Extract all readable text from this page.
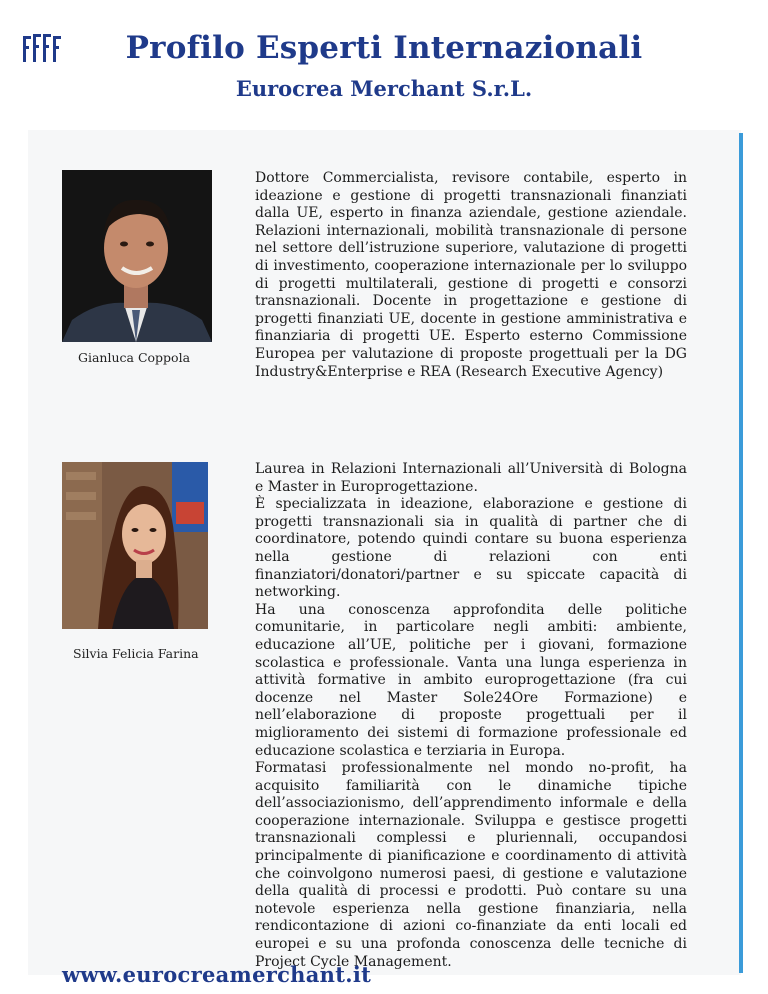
Profilo Esperti Internazionali
Eurocrea Merchant S.r.L.
Gianluca Coppola

Dottore Commercialista, revisore contabile, esperto in ideazione e gestione di progetti transnazionali finanziati dalla UE, esperto in finanza aziendale, gestione aziendale. Relazioni internazionali, mobilità transnazionale di persone nel settore dell’istruzione superiore, valutazione di progetti di investimento, cooperazione internazionale per lo sviluppo di progetti multilaterali, gestione di progetti e consorzi transnazionali. Docente in progettazione e gestione di progetti finanziati UE, docente in gestione amministrativa e finanziaria di progetti UE. Esperto esterno Commissione Europea per valutazione di proposte progettuali per la DG Industry&Enterprise e REA (Research Executive Agency)

Silvia Felicia Farina

Laurea in Relazioni Internazionali all’Università di Bologna e Master in Europrogettazione.

È specializzata in ideazione, elaborazione e gestione di progetti transnazionali sia in qualità di partner che di coordinatore, potendo quindi contare su buona esperienza nella gestione di relazioni con enti finanziatori/donatori/partner e su spiccate capacità di networking.

Ha una conoscenza approfondita delle politiche comunitarie, in particolare negli ambiti: ambiente, educazione all’UE, politiche per i giovani, formazione scolastica e professionale. Vanta una lunga esperienza in attività formative in ambito europrogettazione (fra cui docenze nel Master Sole24Ore Formazione) e nell’elaborazione di proposte progettuali per il miglioramento dei sistemi di formazione professionale ed educazione scolastica e terziaria in Europa.

Formatasi professionalmente nel mondo no-profit, ha acquisito familiarità con le dinamiche tipiche dell’associazionismo, dell’apprendimento informale e della cooperazione internazionale. Sviluppa e gestisce progetti transnazionali complessi e pluriennali, occupandosi principalmente di pianificazione e coordinamento di attività che coinvolgono numerosi paesi, di gestione e valutazione della qualità di processi e prodotti. Può contare su una notevole esperienza nella gestione finanziaria, nella rendicontazione di azioni co-finanziate da enti locali ed europei e su una profonda conoscenza delle tecniche di Project Cycle Management.

www.eurocreamerchant.it
